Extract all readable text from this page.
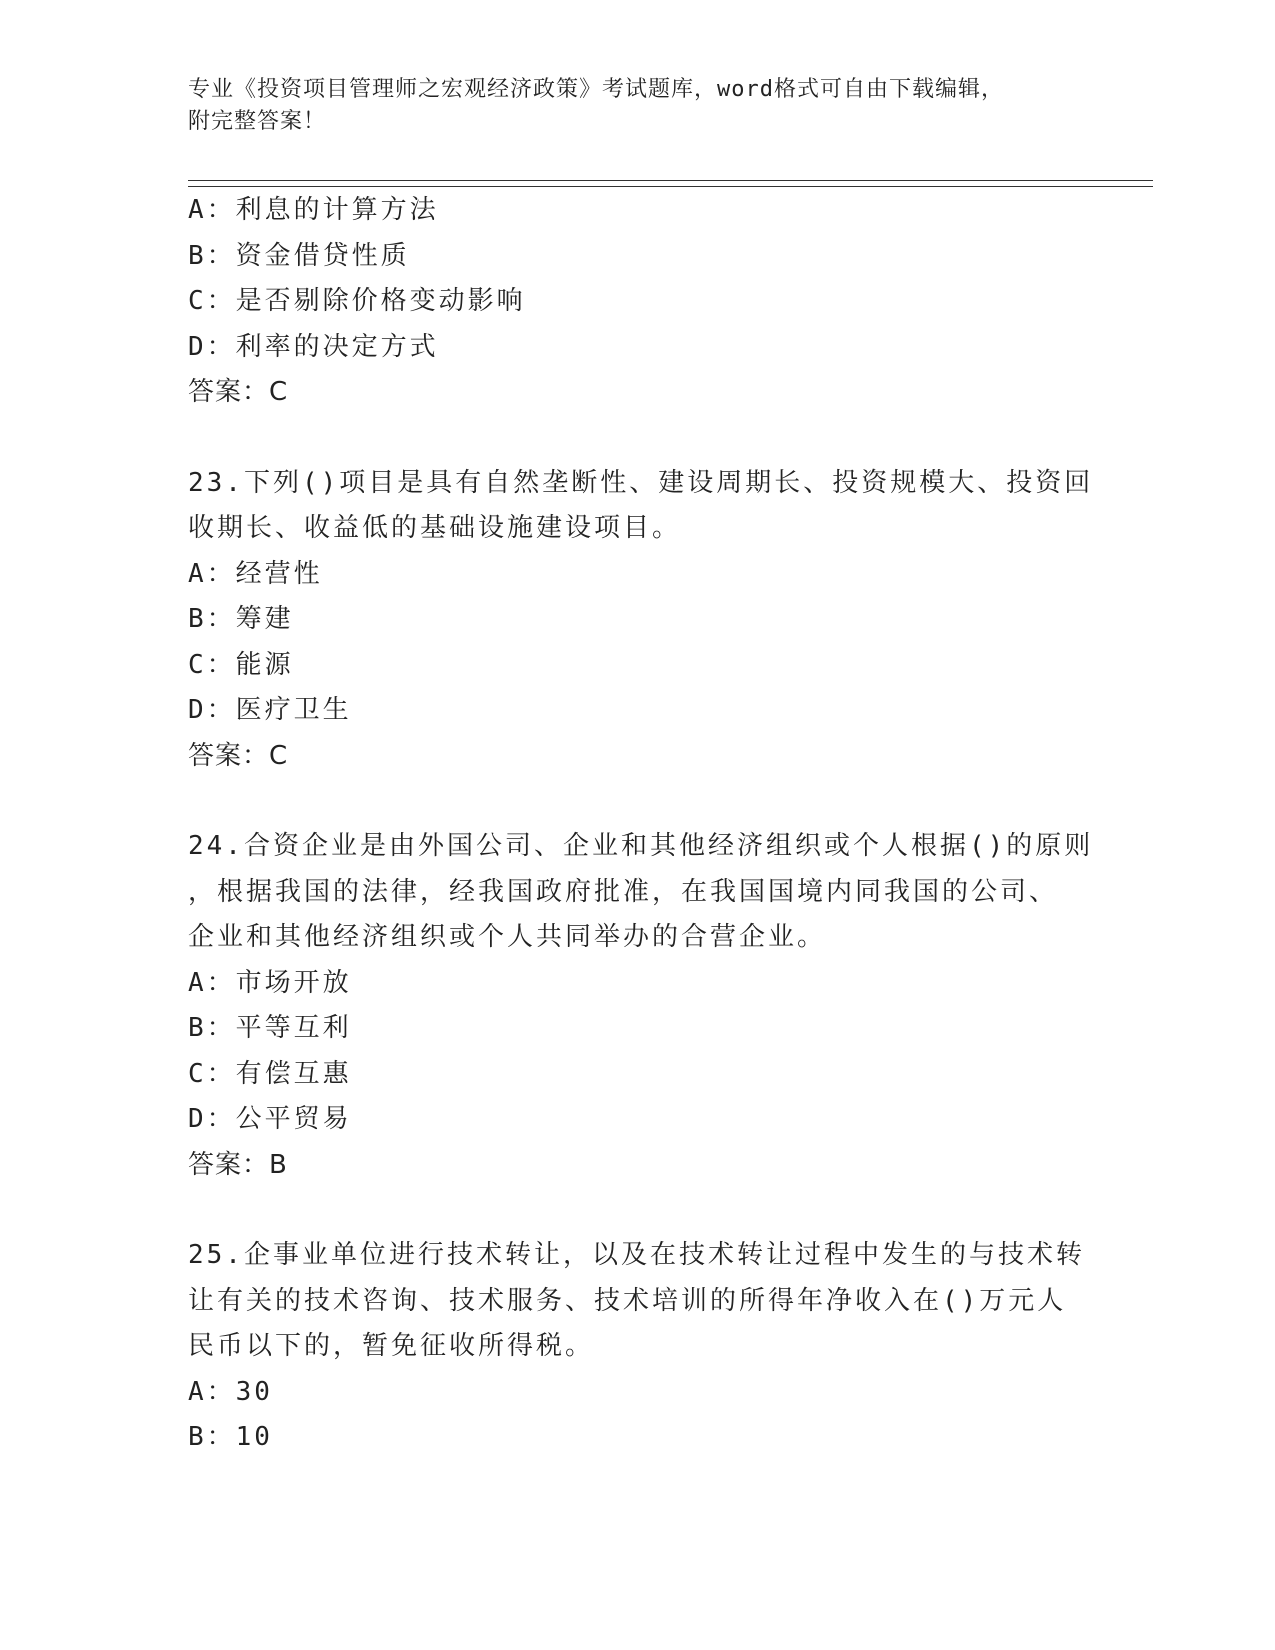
专业《投资项目管理师之宏观经济政策》考试题库，word格式可自由下载编辑，
附完整答案！
A：利息的计算方法
B：资金借贷性质
C：是否剔除价格变动影响
D：利率的决定方式
答案：C
23.下列()项目是具有自然垄断性、建设周期长、投资规模大、投资回
收期长、收益低的基础设施建设项目。
A：经营性
B：筹建
C：能源
D：医疗卫生
答案：C
24.合资企业是由外国公司、企业和其他经济组织或个人根据()的原则
，根据我国的法律，经我国政府批准，在我国国境内同我国的公司、
企业和其他经济组织或个人共同举办的合营企业。
A：市场开放
B：平等互利
C：有偿互惠
D：公平贸易
答案：B
25.企事业单位进行技术转让，以及在技术转让过程中发生的与技术转
让有关的技术咨询、技术服务、技术培训的所得年净收入在()万元人
民币以下的，暂免征收所得税。
A：30
B：10
